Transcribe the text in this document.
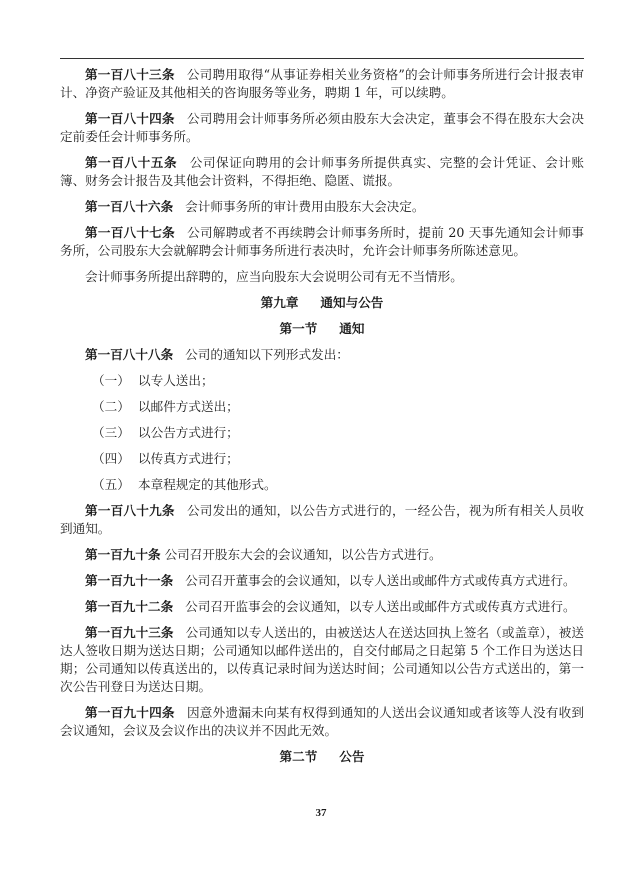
第一百八十三条 公司聘用取得“从事证券相关业务资格”的会计师事务所进行会计报表审计、净资产验证及其他相关的咨询服务等业务，聘期 1 年，可以续聘。

第一百八十四条 公司聘用会计师事务所必须由股东大会决定，董事会不得在股东大会决定前委任会计师事务所。

第一百八十五条 公司保证向聘用的会计师事务所提供真实、完整的会计凭证、会计账簿、财务会计报告及其他会计资料，不得拒绝、隐匿、谎报。

第一百八十六条 会计师事务所的审计费用由股东大会决定。

第一百八十七条 公司解聘或者不再续聘会计师事务所时，提前 20 天事先通知会计师事务所，公司股东大会就解聘会计师事务所进行表决时，允许会计师事务所陈述意见。

会计师事务所提出辞聘的，应当向股东大会说明公司有无不当情形。

第九章 通知与公告

第一节 通知

第一百八十八条 公司的通知以下列形式发出：

（一） 以专人送出；

（二） 以邮件方式送出；

（三） 以公告方式进行；

（四） 以传真方式进行；

（五） 本章程规定的其他形式。

第一百八十九条 公司发出的通知，以公告方式进行的，一经公告，视为所有相关人员收到通知。

第一百九十条 公司召开股东大会的会议通知，以公告方式进行。

第一百九十一条 公司召开董事会的会议通知，以专人送出或邮件方式或传真方式进行。

第一百九十二条 公司召开监事会的会议通知，以专人送出或邮件方式或传真方式进行。

第一百九十三条 公司通知以专人送出的，由被送达人在送达回执上签名（或盖章），被送达人签收日期为送达日期；公司通知以邮件送出的，自交付邮局之日起第 5 个工作日为送达日期；公司通知以传真送出的，以传真记录时间为送达时间；公司通知以公告方式送出的，第一次公告刊登日为送达日期。

第一百九十四条 因意外遗漏未向某有权得到通知的人送出会议通知或者该等人没有收到会议通知，会议及会议作出的决议并不因此无效。

第二节 公告

37
